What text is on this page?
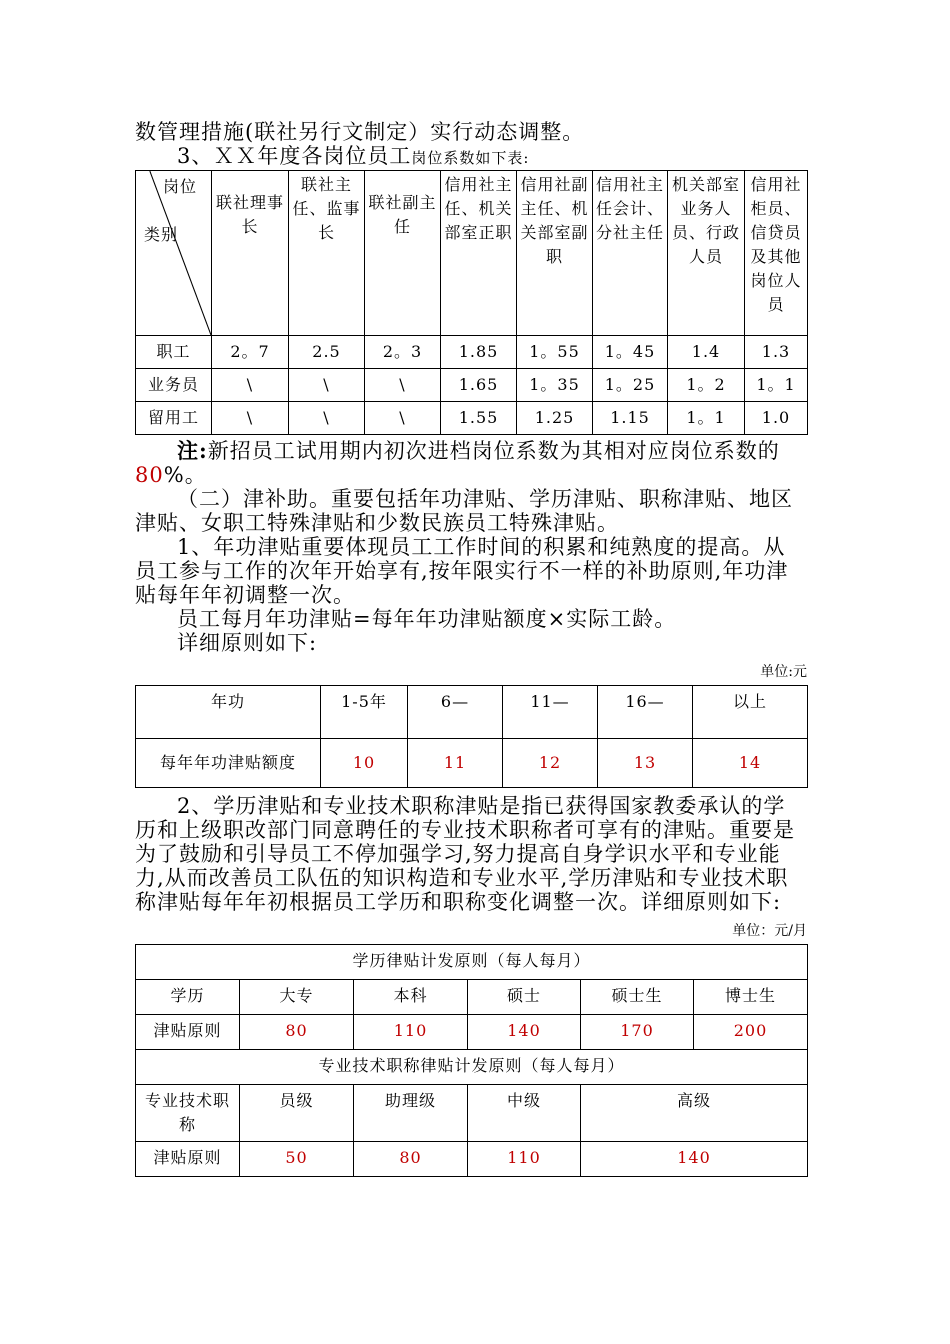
数管理措施(联社另行文制定）实行动态调整。

3、ＸＸ年度各岗位员工岗位系数如下表:

岗位
类别	联社理事长	联社主任、监事长	联社副主任	信用社主任、机关部室正职	信用社副主任、机关部室副职	信用社主任会计、分社主任	机关部室业务人员、行政人员	信用社柜员、信贷员及其他岗位人员
职工	2。7	2.5	2。3	1.85	1。55	1。45	1.4	1.3
业务员	\	\	\	1.65	1。35	1。25	1。2	1。1
留用工	\	\	\	1.55	1.25	1.15	1。1	1.0

注:新招员工试用期内初次进档岗位系数为其相对应岗位系数的80%。

（二）津补助。重要包括年功津贴、学历津贴、职称津贴、地区津贴、女职工特殊津贴和少数民族员工特殊津贴。

1、年功津贴重要体现员工工作时间的积累和纯熟度的提高。从员工参与工作的次年开始享有,按年限实行不一样的补助原则,年功津贴每年年初调整一次。

员工每月年功津贴=每年年功津贴额度×实际工龄。

详细原则如下:

单位:元
年功	1-5年	6—	11—	16—	以上
每年年功津贴额度	10	11	12	13	14

2、学历津贴和专业技术职称津贴是指已获得国家教委承认的学历和上级职改部门同意聘任的专业技术职称者可享有的津贴。重要是为了鼓励和引导员工不停加强学习,努力提高自身学识水平和专业能力,从而改善员工队伍的知识构造和专业水平,学历津贴和专业技术职称津贴每年年初根据员工学历和职称变化调整一次。详细原则如下:

单位：元/月
学历律贴计发原则（每人每月）					
学历	大专	本科	硕士	硕士生	博士生
津贴原则	80	110	140	170	200
专业技术职称律贴计发原则（每人每月）					
专业技术职称	员级	助理级	中级	高级	
津贴原则	50	80	110	140	
